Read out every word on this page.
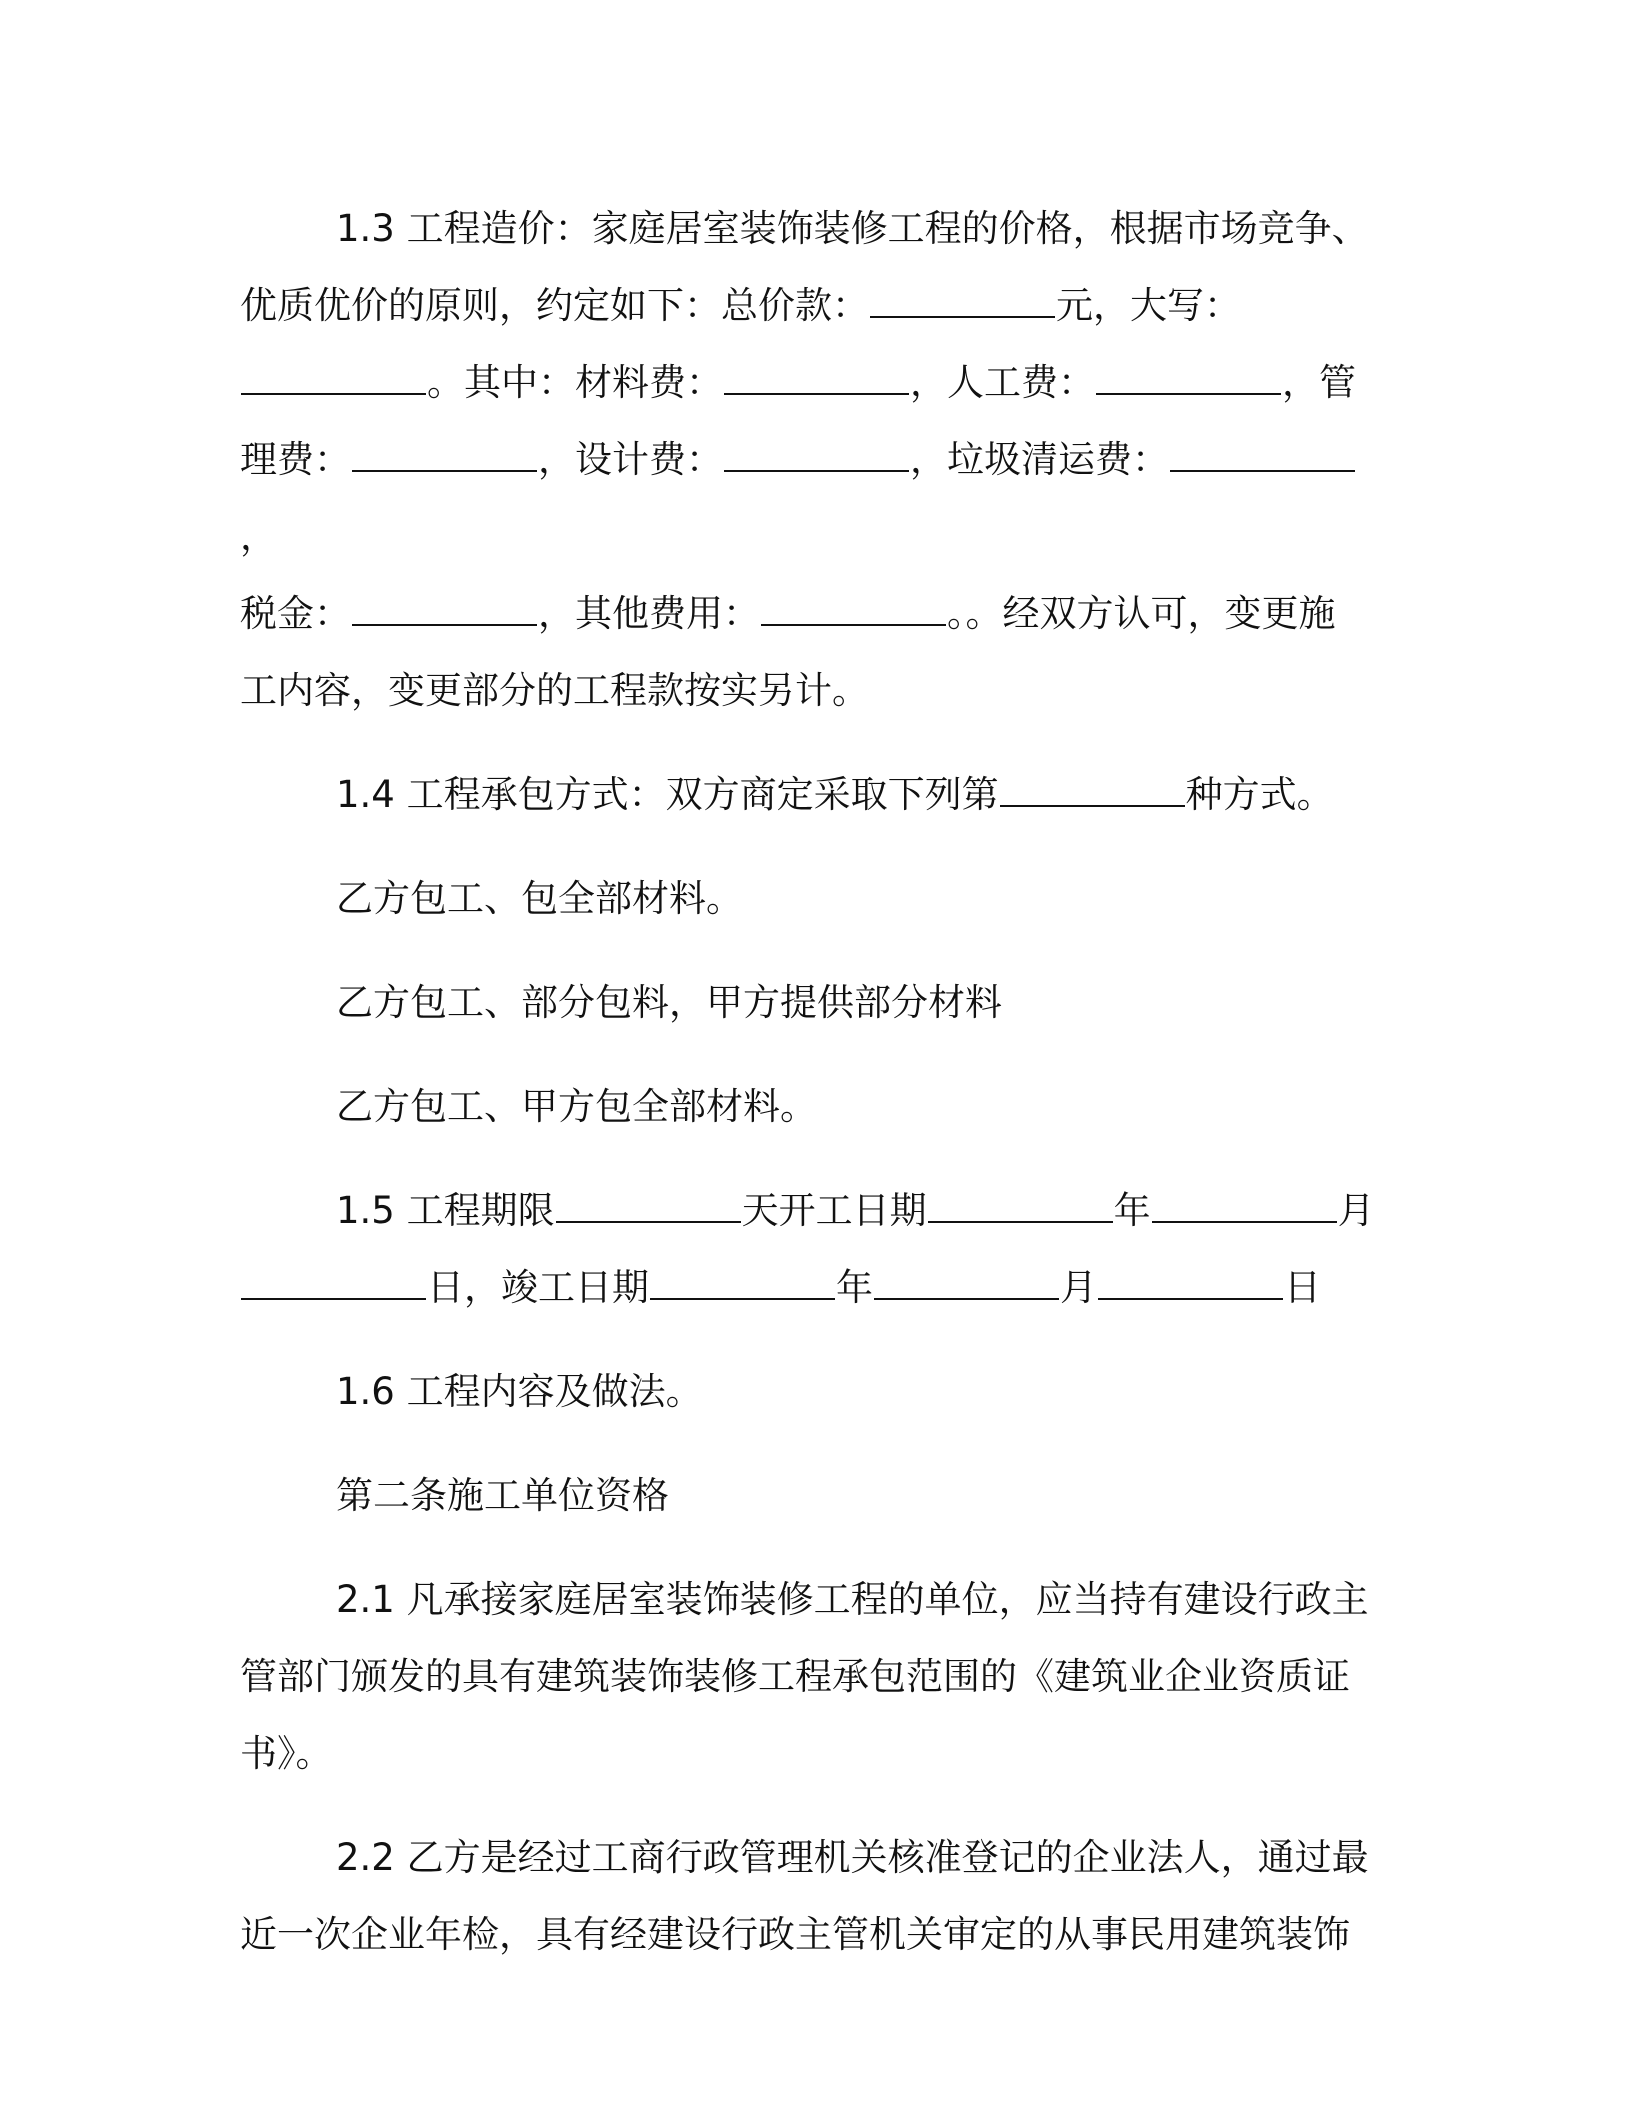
1.3 工程造价：家庭居室装饰装修工程的价格，根据市场竞争、
优质优价的原则，约定如下：总价款：	元，大写：
。其中：材料费：	，人工费：	，管
理费：	，设计费：	，垃圾清运费：，
税金：	，其他费用：	。。经双方认可，变更施
工内容，变更部分的工程款按实另计。
1.4 工程承包方式：双方商定采取下列第	种方式。
乙方包工、包全部材料。
乙方包工、部分包料，甲方提供部分材料
乙方包工、甲方包全部材料。
1.5 工程期限	天开工日期	年	月
日，竣工日期	年	月	日
1.6 工程内容及做法。
第二条施工单位资格
2.1 凡承接家庭居室装饰装修工程的单位，应当持有建设行政主
管部门颁发的具有建筑装饰装修工程承包范围的《建筑业企业资质证
书》。
2.2 乙方是经过工商行政管理机关核准登记的企业法人，通过最
近一次企业年检，具有经建设行政主管机关审定的从事民用建筑装饰
